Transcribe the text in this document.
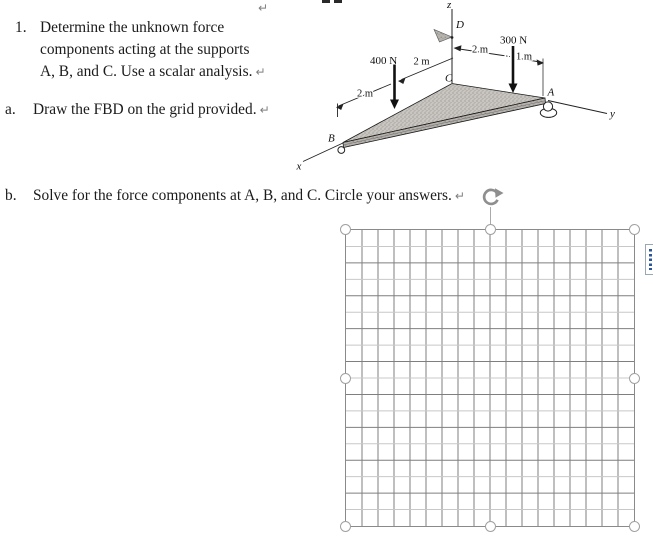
1. Determine the unknown force
components acting at the supports
A, B, and C. Use a scalar analysis. ↵
↵
a. Draw the FBD on the grid provided. ↵
b. Solve for the force components at A, B, and C. Circle your answers. ↵
z
D
2 m
1 m
2 m
2 m
400 N
300 N
x
y
B
A
C
